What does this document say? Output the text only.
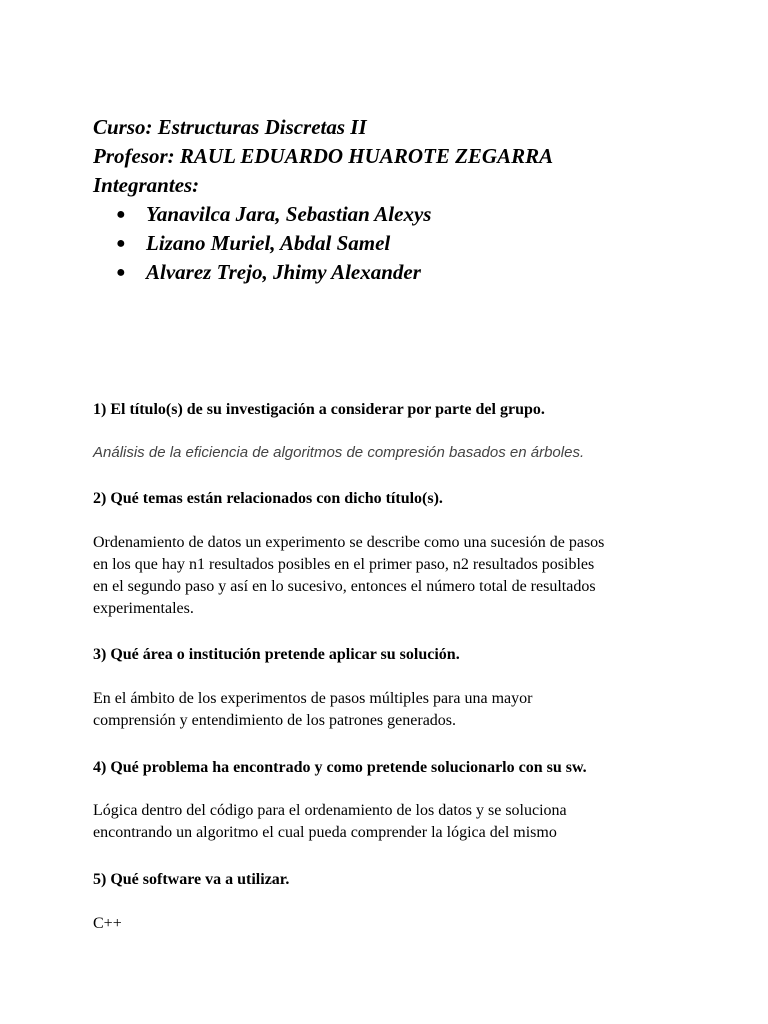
Curso: Estructuras Discretas II
Profesor: RAUL EDUARDO HUAROTE ZEGARRA
Integrantes:
● Yanavilca Jara, Sebastian Alexys
● Lizano Muriel, Abdal Samel
● Alvarez Trejo, Jhimy Alexander
1) El título(s) de su investigación a considerar por parte del grupo.
Análisis de la eficiencia de algoritmos de compresión basados en árboles.
2) Qué temas están relacionados con dicho título(s).
Ordenamiento de datos un experimento se describe como una sucesión de pasos
en los que hay n1 resultados posibles en el primer paso, n2 resultados posibles
en el segundo paso y así en lo sucesivo, entonces el número total de resultados
experimentales.
3) Qué área o institución pretende aplicar su solución.
En el ámbito de los experimentos de pasos múltiples para una mayor
comprensión y entendimiento de los patrones generados.
4) Qué problema ha encontrado y como pretende solucionarlo con su sw.
Lógica dentro del código para el ordenamiento de los datos y se soluciona
encontrando un algoritmo el cual pueda comprender la lógica del mismo
5) Qué software va a utilizar.
C++
